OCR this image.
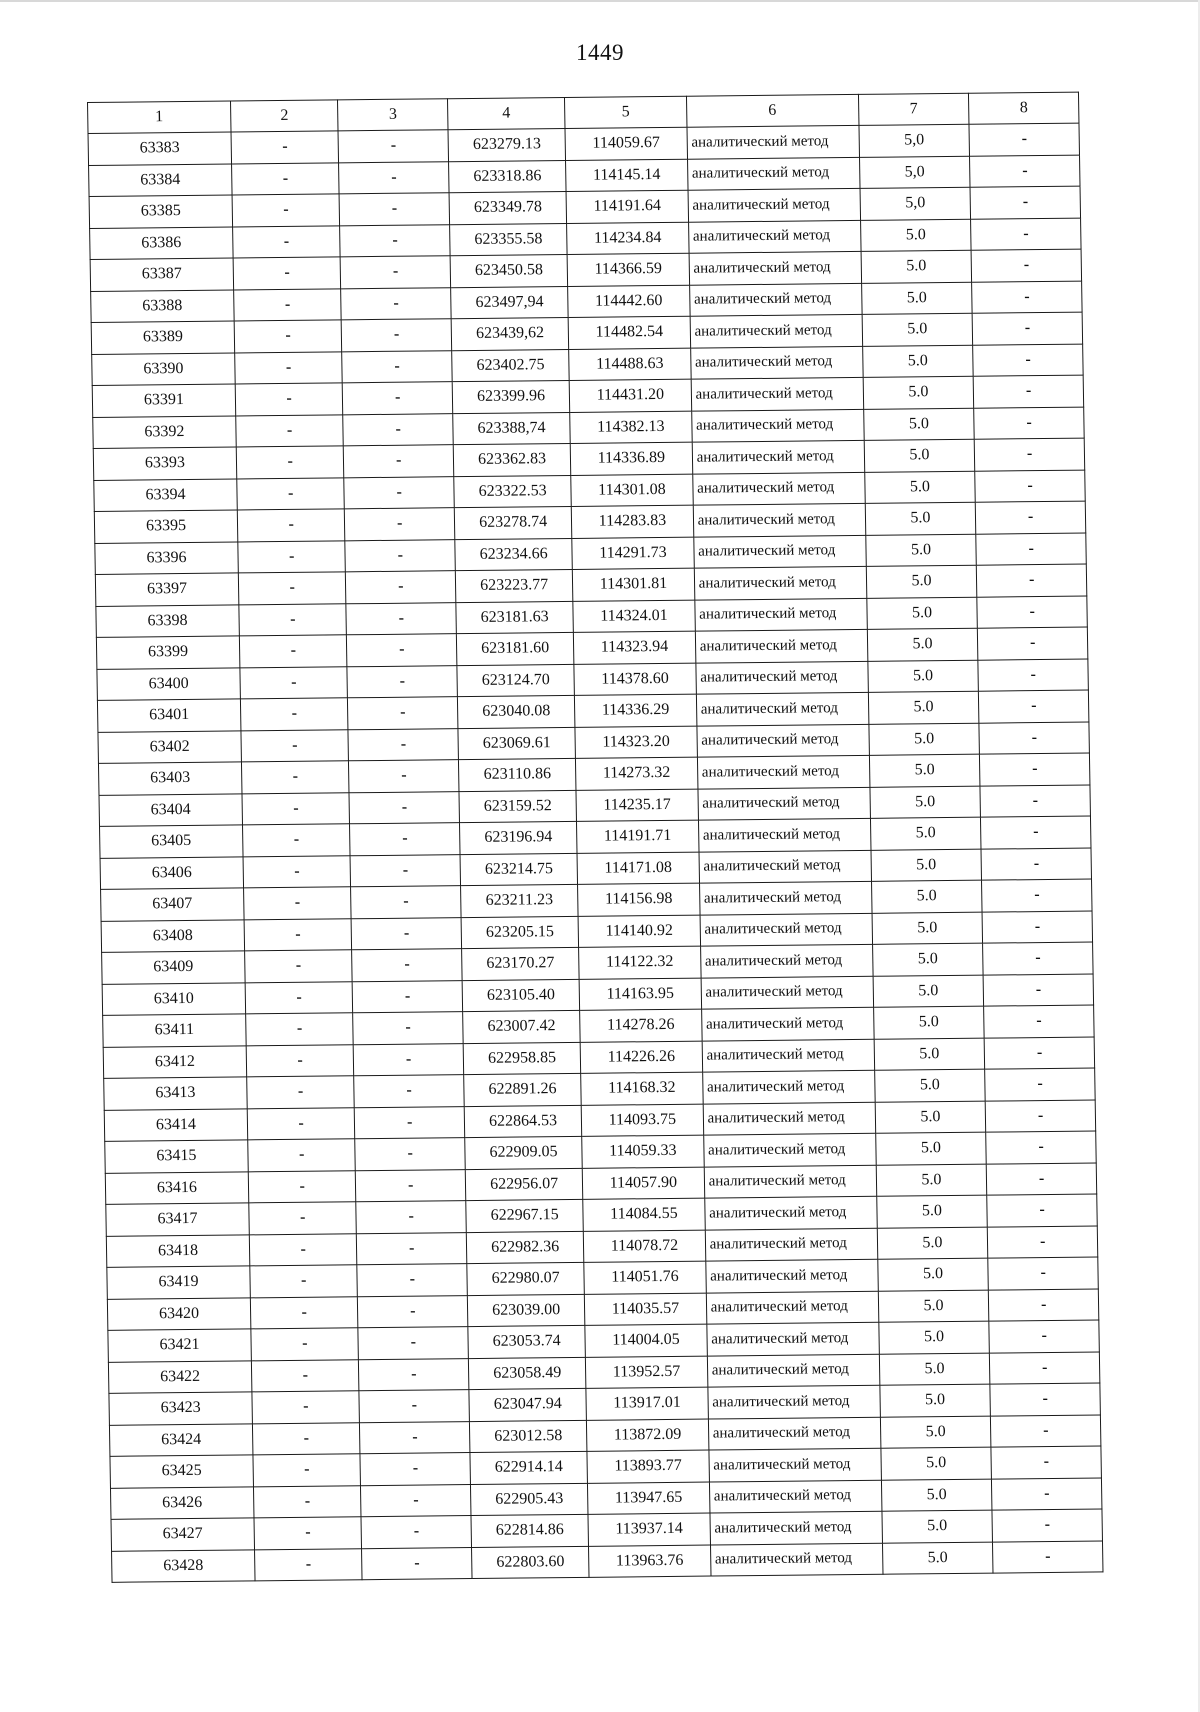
1449
1	2	3	4	5	6	7	8
63383	-	-	623279.13	114059.67	аналитический метод	5,0	-
63384	-	-	623318.86	114145.14	аналитический метод	5,0	-
63385	-	-	623349.78	114191.64	аналитический метод	5,0	-
63386	-	-	623355.58	114234.84	аналитический метод	5.0	-
63387	-	-	623450.58	114366.59	аналитический метод	5.0	-
63388	-	-	623497,94	114442.60	аналитический метод	5.0	-
63389	-	-	623439,62	114482.54	аналитический метод	5.0	-
63390	-	-	623402.75	114488.63	аналитический метод	5.0	-
63391	-	-	623399.96	114431.20	аналитический метод	5.0	-
63392	-	-	623388,74	114382.13	аналитический метод	5.0	-
63393	-	-	623362.83	114336.89	аналитический метод	5.0	-
63394	-	-	623322.53	114301.08	аналитический метод	5.0	-
63395	-	-	623278.74	114283.83	аналитический метод	5.0	-
63396	-	-	623234.66	114291.73	аналитический метод	5.0	-
63397	-	-	623223.77	114301.81	аналитический метод	5.0	-
63398	-	-	623181.63	114324.01	аналитический метод	5.0	-
63399	-	-	623181.60	114323.94	аналитический метод	5.0	-
63400	-	-	623124.70	114378.60	аналитический метод	5.0	-
63401	-	-	623040.08	114336.29	аналитический метод	5.0	-
63402	-	-	623069.61	114323.20	аналитический метод	5.0	-
63403	-	-	623110.86	114273.32	аналитический метод	5.0	-
63404	-	-	623159.52	114235.17	аналитический метод	5.0	-
63405	-	-	623196.94	114191.71	аналитический метод	5.0	-
63406	-	-	623214.75	114171.08	аналитический метод	5.0	-
63407	-	-	623211.23	114156.98	аналитический метод	5.0	-
63408	-	-	623205.15	114140.92	аналитический метод	5.0	-
63409	-	-	623170.27	114122.32	аналитический метод	5.0	-
63410	-	-	623105.40	114163.95	аналитический метод	5.0	-
63411	-	-	623007.42	114278.26	аналитический метод	5.0	-
63412	-	-	622958.85	114226.26	аналитический метод	5.0	-
63413	-	-	622891.26	114168.32	аналитический метод	5.0	-
63414	-	-	622864.53	114093.75	аналитический метод	5.0	-
63415	-	-	622909.05	114059.33	аналитический метод	5.0	-
63416	-	-	622956.07	114057.90	аналитический метод	5.0	-
63417	-	-	622967.15	114084.55	аналитический метод	5.0	-
63418	-	-	622982.36	114078.72	аналитический метод	5.0	-
63419	-	-	622980.07	114051.76	аналитический метод	5.0	-
63420	-	-	623039.00	114035.57	аналитический метод	5.0	-
63421	-	-	623053.74	114004.05	аналитический метод	5.0	-
63422	-	-	623058.49	113952.57	аналитический метод	5.0	-
63423	-	-	623047.94	113917.01	аналитический метод	5.0	-
63424	-	-	623012.58	113872.09	аналитический метод	5.0	-
63425	-	-	622914.14	113893.77	аналитический метод	5.0	-
63426	-	-	622905.43	113947.65	аналитический метод	5.0	-
63427	-	-	622814.86	113937.14	аналитический метод	5.0	-
63428	-	-	622803.60	113963.76	аналитический метод	5.0	-
